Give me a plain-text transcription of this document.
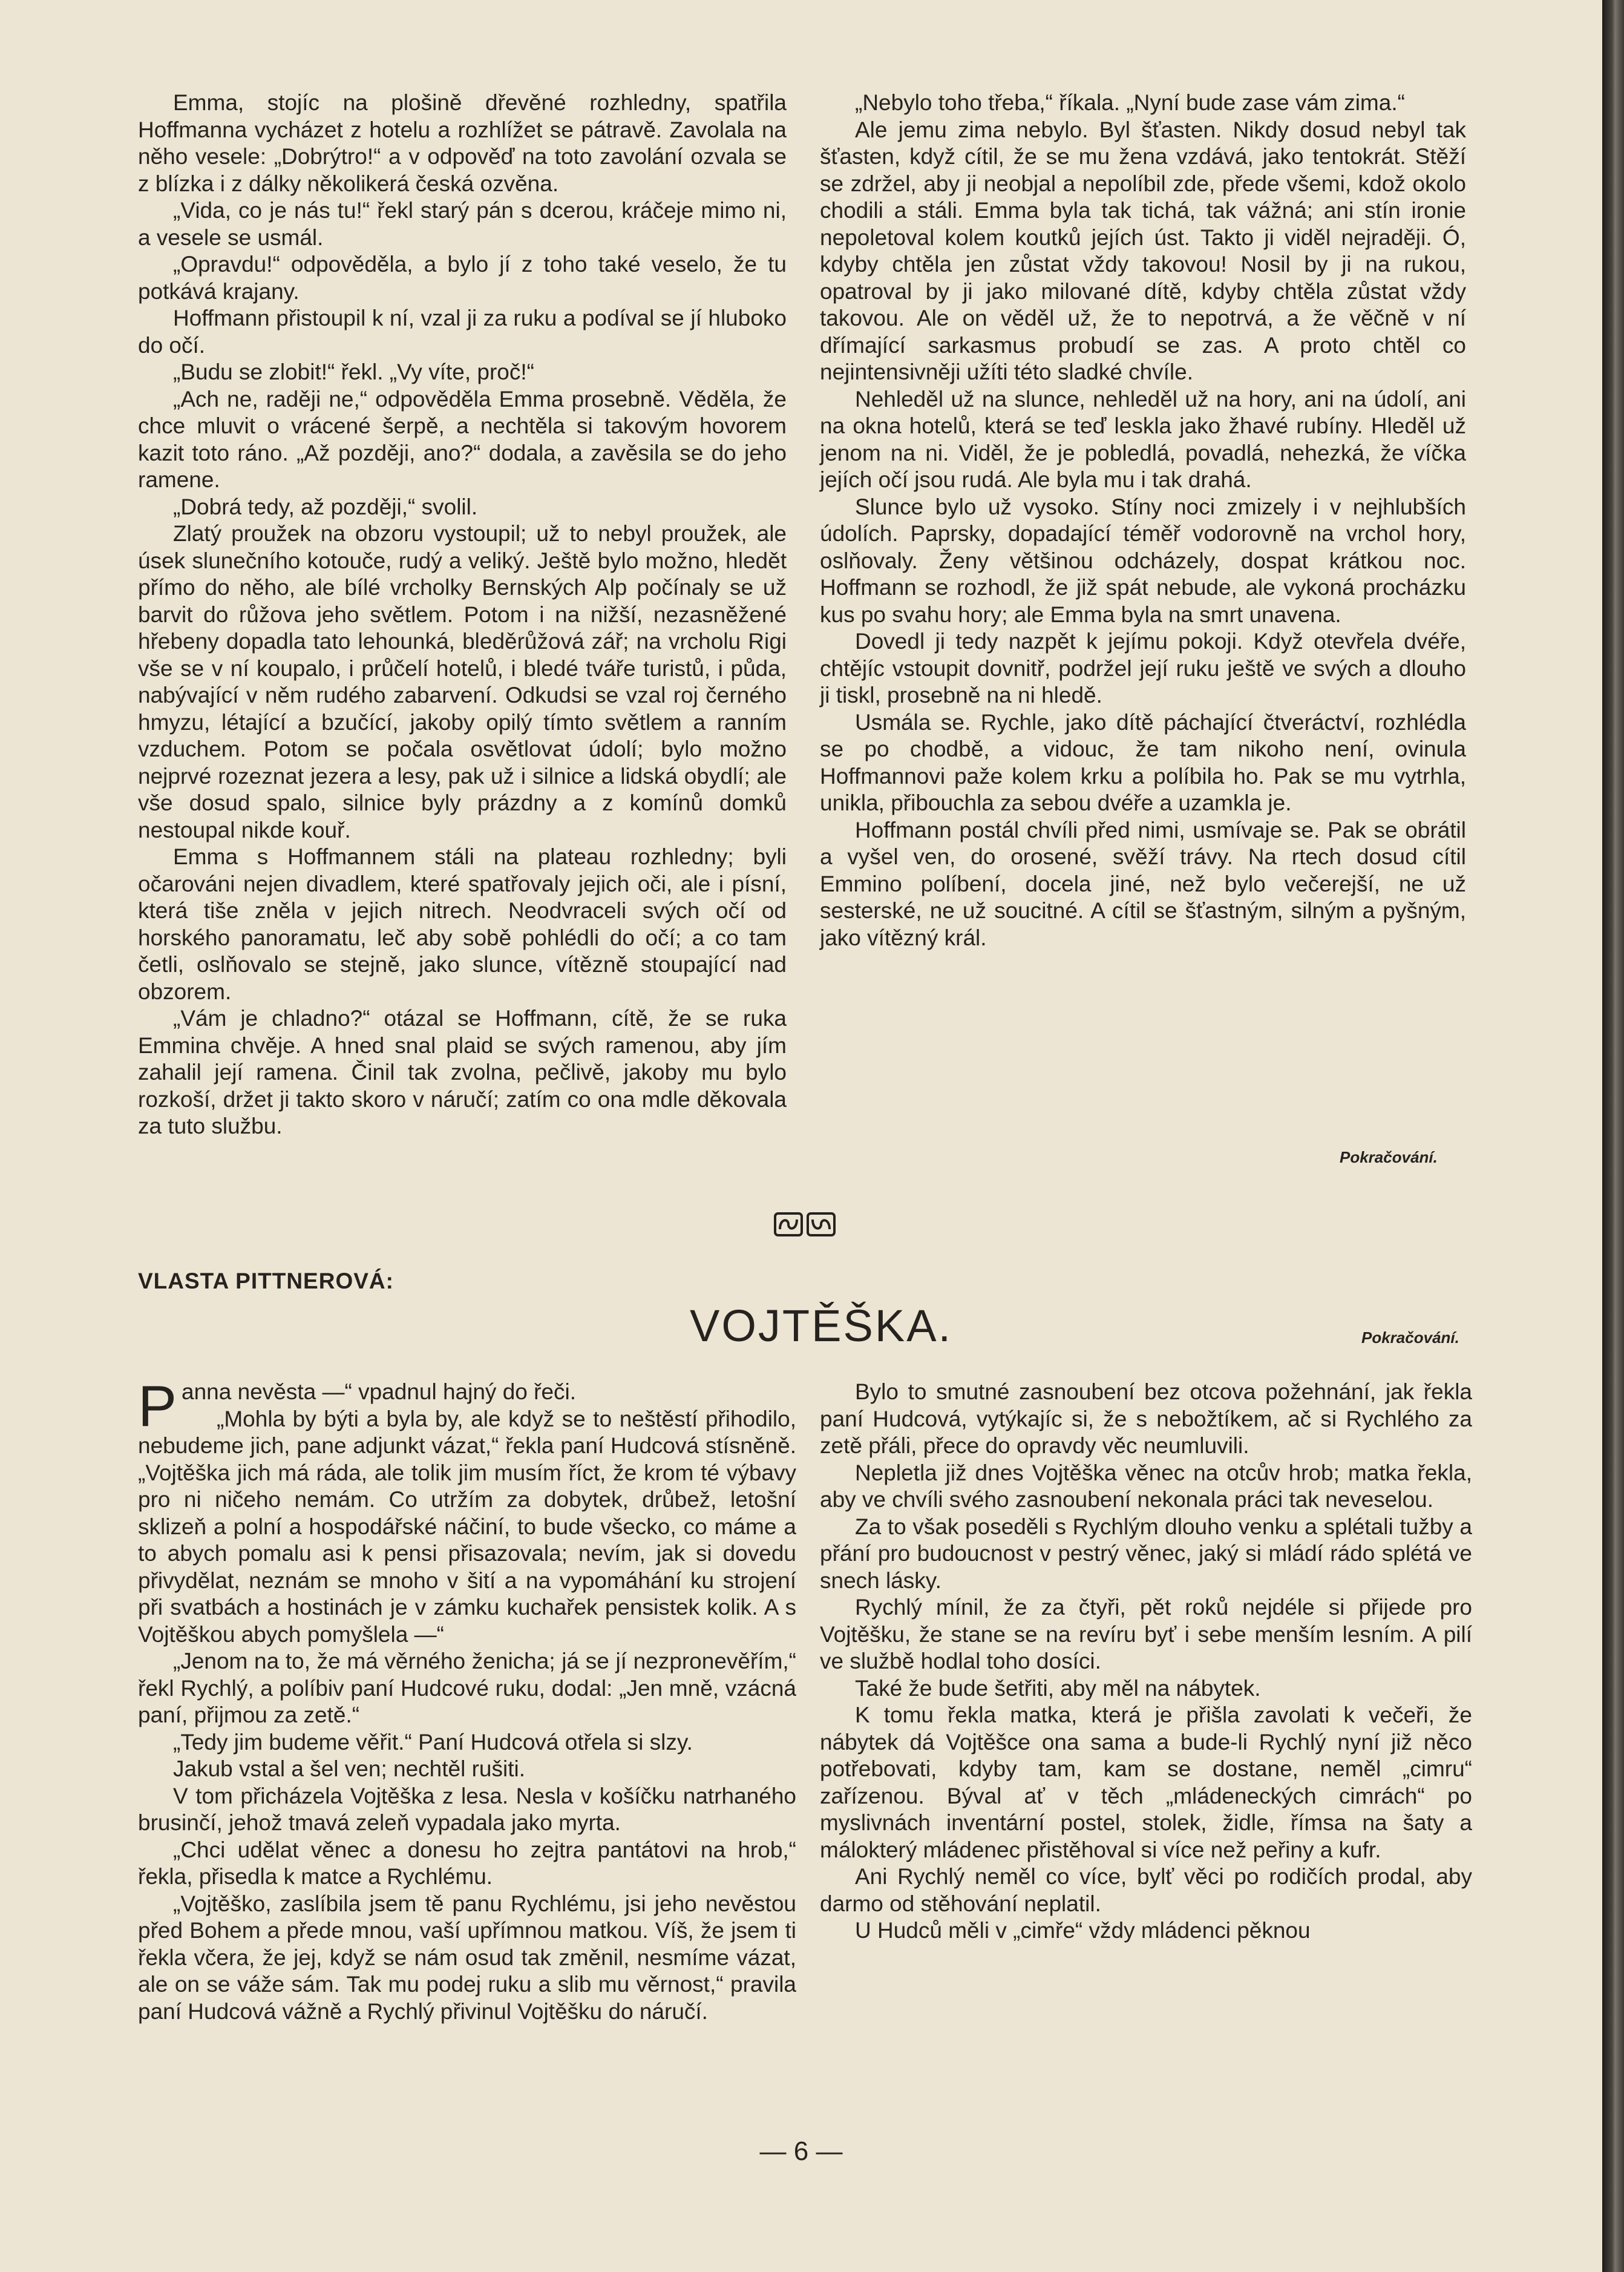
Emma, stojíc na plošině dřevěné rozhledny, spatřila Hoffmanna vycházet z hotelu a rozhlížet se pátravě. Zavolala na něho vesele: „Dobrýtro!“ a v odpověď na toto zavolání ozvala se z blízka i z dálky několikerá česká ozvěna.

„Vida, co je nás tu!“ řekl starý pán s dcerou, kráčeje mimo ni, a vesele se usmál.

„Opravdu!“ odpověděla, a bylo jí z toho také veselo, že tu potkává krajany.

Hoffmann přistoupil k ní, vzal ji za ruku a podíval se jí hluboko do očí.

„Budu se zlobit!“ řekl. „Vy víte, proč!“

„Ach ne, raději ne,“ odpověděla Emma prosebně. Věděla, že chce mluvit o vrácené šerpě, a nechtěla si takovým hovorem kazit toto ráno. „Až později, ano?“ dodala, a zavěsila se do jeho ramene.

„Dobrá tedy, až později,“ svolil.

Zlatý proužek na obzoru vystoupil; už to nebyl proužek, ale úsek slunečního kotouče, rudý a veliký. Ještě bylo možno, hledět přímo do něho, ale bílé vrcholky Bernských Alp počínaly se už barvit do růžova jeho světlem. Potom i na nižší, nezasněžené hřebeny dopadla tato lehounká, bleděrůžová zář; na vrcholu Rigi vše se v ní koupalo, i průčelí hotelů, i bledé tváře turistů, i půda, nabývající v něm rudého zabarvení. Odkudsi se vzal roj černého hmyzu, létající a bzučící, jakoby opilý tímto světlem a ranním vzduchem. Potom se počala osvětlovat údolí; bylo možno nejprvé rozeznat jezera a lesy, pak už i silnice a lidská obydlí; ale vše dosud spalo, silnice byly prázdny a z komínů domků nestoupal nikde kouř.

Emma s Hoffmannem stáli na plateau rozhledny; byli očarováni nejen divadlem, které spatřovaly jejich oči, ale i písní, která tiše zněla v jejich nitrech. Neodvraceli svých očí od horského panoramatu, leč aby sobě pohlédli do očí; a co tam četli, oslňovalo se stejně, jako slunce, vítězně stoupající nad obzorem.

„Vám je chladno?“ otázal se Hoffmann, cítě, že se ruka Emmina chvěje. A hned snal plaid se svých ramenou, aby jím zahalil její ramena. Činil tak zvolna, pečlivě, jakoby mu bylo rozkoší, držet ji takto skoro v náručí; zatím co ona mdle děkovala za tuto službu.

„Nebylo toho třeba,“ říkala. „Nyní bude zase vám zima.“

Ale jemu zima nebylo. Byl šťasten. Nikdy dosud nebyl tak šťasten, když cítil, že se mu žena vzdává, jako tentokrát. Stěží se zdržel, aby ji neobjal a nepolíbil zde, přede všemi, kdož okolo chodili a stáli. Emma byla tak tichá, tak vážná; ani stín ironie nepoletoval kolem koutků jejích úst. Takto ji viděl nejraději. Ó, kdyby chtěla jen zůstat vždy takovou! Nosil by ji na rukou, opatroval by ji jako milované dítě, kdyby chtěla zůstat vždy takovou. Ale on věděl už, že to nepotrvá, a že věčně v ní dřímající sarkasmus probudí se zas. A proto chtěl co nejintensivněji užíti této sladké chvíle.

Nehleděl už na slunce, nehleděl už na hory, ani na údolí, ani na okna hotelů, která se teď leskla jako žhavé rubíny. Hleděl už jenom na ni. Viděl, že je pobledlá, povadlá, nehezká, že víčka jejích očí jsou rudá. Ale byla mu i tak drahá.

Slunce bylo už vysoko. Stíny noci zmizely i v nejhlubších údolích. Paprsky, dopadající téměř vodorovně na vrchol hory, oslňovaly. Ženy většinou odcházely, dospat krátkou noc. Hoffmann se rozhodl, že již spát nebude, ale vykoná procházku kus po svahu hory; ale Emma byla na smrt unavena.

Dovedl ji tedy nazpět k jejímu pokoji. Když otevřela dvéře, chtějíc vstoupit dovnitř, podržel její ruku ještě ve svých a dlouho ji tiskl, prosebně na ni hledě.

Usmála se. Rychle, jako dítě páchající čtveráctví, rozhlédla se po chodbě, a vidouc, že tam nikoho není, ovinula Hoffmannovi paže kolem krku a políbila ho. Pak se mu vytrhla, unikla, přibouchla za sebou dvéře a uzamkla je.

Hoffmann postál chvíli před nimi, usmívaje se. Pak se obrátil a vyšel ven, do orosené, svěží trávy. Na rtech dosud cítil Emmino políbení, docela jiné, než bylo večerejší, ne už sesterské, ne už soucitné. A cítil se šťastným, silným a pyšným, jako vítězný král.

Pokračování.
VLASTA PITTNEROVÁ:
VOJTĚŠKA.	Pokračování.

Panna nevěsta —“ vpadnul hajný do řeči.

„Mohla by býti a byla by, ale když se to neštěstí přihodilo, nebudeme jich, pane adjunkt vázat,“ řekla paní Hudcová stísněně. „Vojtěška jich má ráda, ale tolik jim musím říct, že krom té výbavy pro ni ničeho nemám. Co utržím za dobytek, drůbež, letošní sklizeň a polní a hospodářské náčiní, to bude všecko, co máme a to abych pomalu asi k pensi přisazovala; nevím, jak si dovedu přivydělat, neznám se mnoho v šití a na vypomáhání ku strojení při svatbách a hostinách je v zámku kuchařek pensistek kolik. A s Vojtěškou abych pomyšlela —“

„Jenom na to, že má věrného ženicha; já se jí nezpronevěřím,“ řekl Rychlý, a políbiv paní Hudcové ruku, dodal: „Jen mně, vzácná paní, přijmou za zetě.“

„Tedy jim budeme věřit.“ Paní Hudcová otřela si slzy.

Jakub vstal a šel ven; nechtěl rušiti.

V tom přicházela Vojtěška z lesa. Nesla v košíčku natrhaného brusinčí, jehož tmavá zeleň vypadala jako myrta.

„Chci udělat věnec a donesu ho zejtra pantátovi na hrob,“ řekla, přisedla k matce a Rychlému.

„Vojtěško, zaslíbila jsem tě panu Rychlému, jsi jeho nevěstou před Bohem a přede mnou, vaší upřímnou matkou. Víš, že jsem ti řekla včera, že jej, když se nám osud tak změnil, nesmíme vázat, ale on se váže sám. Tak mu podej ruku a slib mu věrnost,“ pravila paní Hudcová vážně a Rychlý přivinul Vojtěšku do náručí.

Bylo to smutné zasnoubení bez otcova požehnání, jak řekla paní Hudcová, vytýkajíc si, že s nebožtíkem, ač si Rychlého za zetě přáli, přece do opravdy věc neumluvili.

Nepletla již dnes Vojtěška věnec na otcův hrob; matka řekla, aby ve chvíli svého zasnoubení nekonala práci tak neveselou.

Za to však poseděli s Rychlým dlouho venku a splétali tužby a přání pro budoucnost v pestrý věnec, jaký si mládí rádo splétá ve snech lásky.

Rychlý mínil, že za čtyři, pět roků nejdéle si přijede pro Vojtěšku, že stane se na revíru byť i sebe menším lesním. A pilí ve službě hodlal toho dosíci.

Také že bude šetřiti, aby měl na nábytek.

K tomu řekla matka, která je přišla zavolati k večeři, že nábytek dá Vojtěšce ona sama a bude-li Rychlý nyní již něco potřebovati, kdyby tam, kam se dostane, neměl „cimru“ zařízenou. Býval ať v těch „mládeneckých cimrách“ po myslivnách inventární postel, stolek, židle, římsa na šaty a málokterý mládenec přistěhoval si více než peřiny a kufr.

Ani Rychlý neměl co více, bylť věci po rodičích prodal, aby darmo od stěhování neplatil.

U Hudců měli v „cimře“ vždy mládenci pěknou

— 6 —
